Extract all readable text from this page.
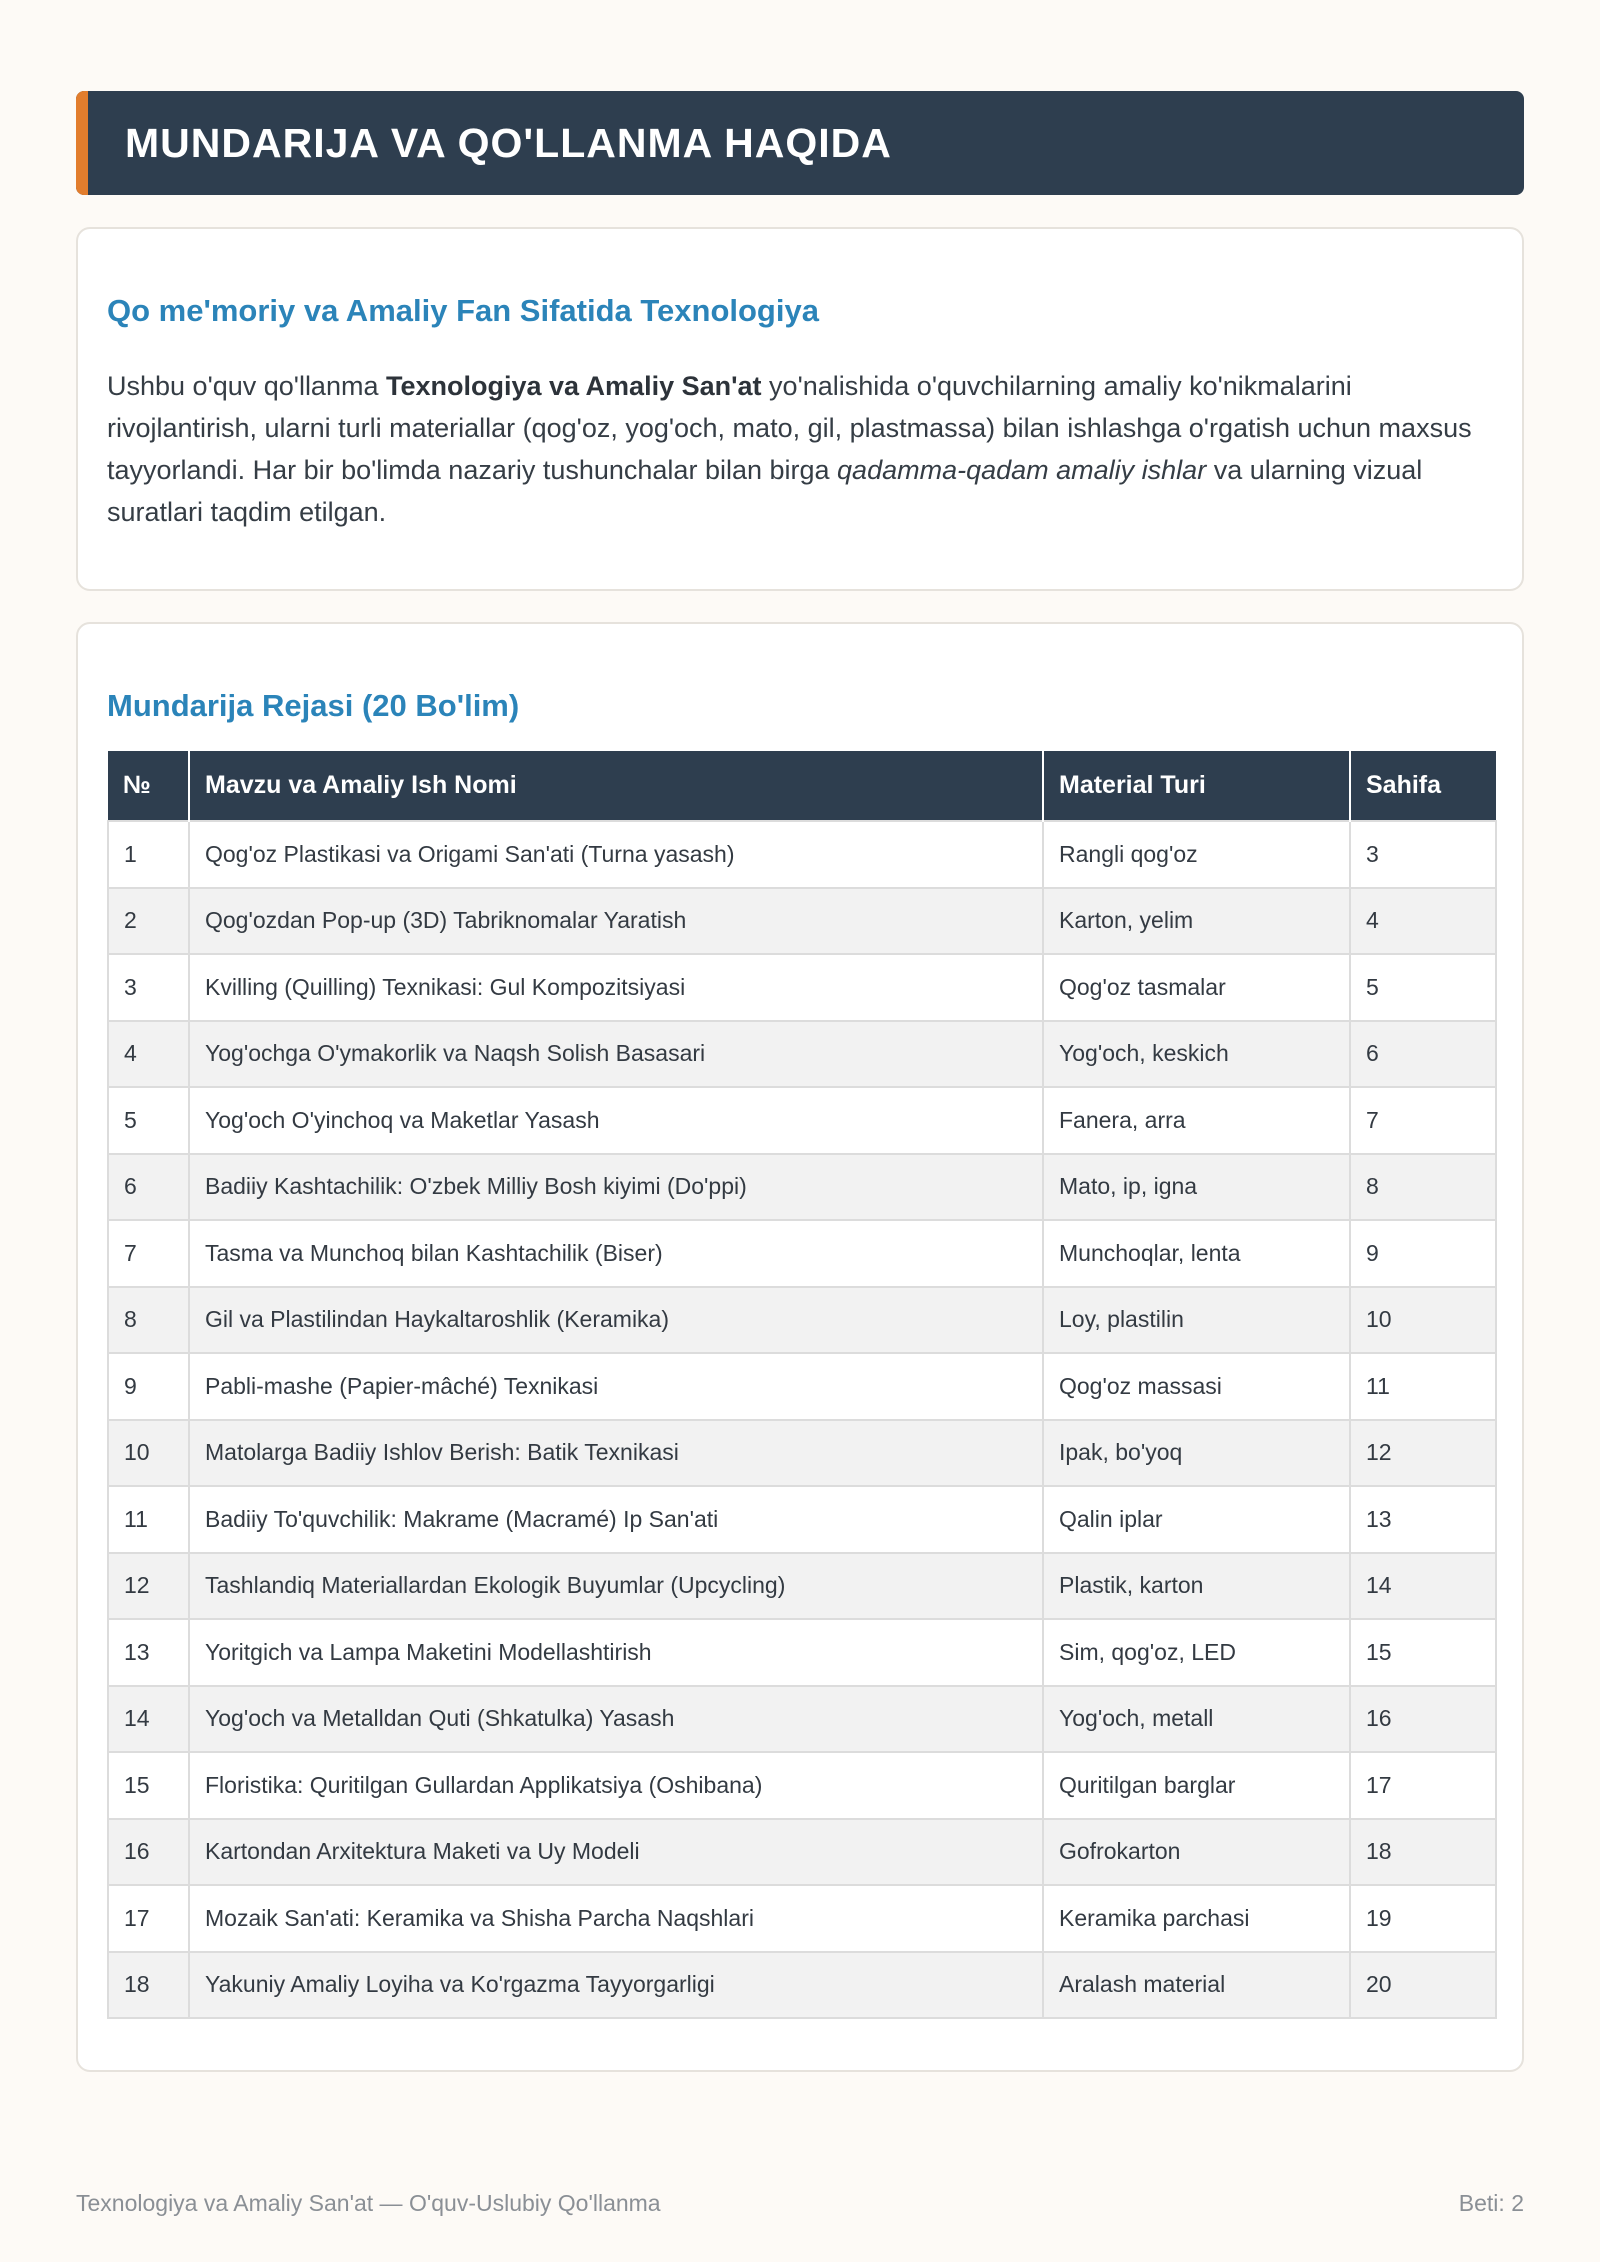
MUNDARIJA VA QO'LLANMA HAQIDA
Qo me'moriy va Amaliy Fan Sifatida Texnologiya

Ushbu o'quv qo'llanma Texnologiya va Amaliy San'at yo'nalishida o'quvchilarning amaliy ko'nikmalarini rivojlantirish, ularni turli materiallar (qog'oz, yog'och, mato, gil, plastmassa) bilan ishlashga o'rgatish uchun maxsus tayyorlandi. Har bir bo'limda nazariy tushunchalar bilan birga qadamma-qadam amaliy ishlar va ularning vizual suratlari taqdim etilgan.

Mundarija Rejasi (20 Bo'lim)
№	Mavzu va Amaliy Ish Nomi	Material Turi	Sahifa
1	Qog'oz Plastikasi va Origami San'ati (Turna yasash)	Rangli qog'oz	3
2	Qog'ozdan Pop-up (3D) Tabriknomalar Yaratish	Karton, yelim	4
3	Kvilling (Quilling) Texnikasi: Gul Kompozitsiyasi	Qog'oz tasmalar	5
4	Yog'ochga O'ymakorlik va Naqsh Solish Basasari	Yog'och, keskich	6
5	Yog'och O'yinchoq va Maketlar Yasash	Fanera, arra	7
6	Badiiy Kashtachilik: O'zbek Milliy Bosh kiyimi (Do'ppi)	Mato, ip, igna	8
7	Tasma va Munchoq bilan Kashtachilik (Biser)	Munchoqlar, lenta	9
8	Gil va Plastilindan Haykaltaroshlik (Keramika)	Loy, plastilin	10
9	Pabli-mashe (Papier-mâché) Texnikasi	Qog'oz massasi	11
10	Matolarga Badiiy Ishlov Berish: Batik Texnikasi	Ipak, bo'yoq	12
11	Badiiy To'quvchilik: Makrame (Macramé) Ip San'ati	Qalin iplar	13
12	Tashlandiq Materiallardan Ekologik Buyumlar (Upcycling)	Plastik, karton	14
13	Yoritgich va Lampa Maketini Modellashtirish	Sim, qog'oz, LED	15
14	Yog'och va Metalldan Quti (Shkatulka) Yasash	Yog'och, metall	16
15	Floristika: Quritilgan Gullardan Applikatsiya (Oshibana)	Quritilgan barglar	17
16	Kartondan Arxitektura Maketi va Uy Modeli	Gofrokarton	18
17	Mozaik San'ati: Keramika va Shisha Parcha Naqshlari	Keramika parchasi	19
18	Yakuniy Amaliy Loyiha va Ko'rgazma Tayyorgarligi	Aralash material	20
Texnologiya va Amaliy San'at — O'quv-Uslubiy Qo'llanma	Beti: 2
